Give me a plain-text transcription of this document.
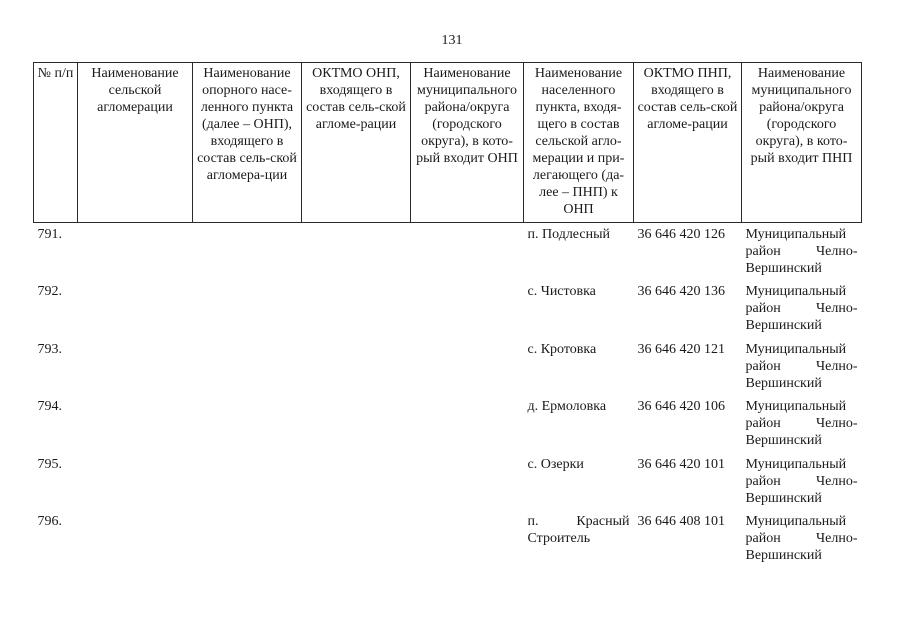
131
№ п/п	Наименование сельской агломерации	Наименование опорного насе-ленного пункта (далее – ОНП), входящего в состав сель-ской агломера-ции	ОКТМО ОНП, входящего в состав сель-ской агломе-рации	Наименование муниципального района/округа (городского округа), в кото-рый входит ОНП	Наименование населенного пункта, входя-щего в состав сельской агло-мерации и при-легающего (да-лее – ПНП) к ОНП	ОКТМО ПНП, входящего в состав сель-ской агломе-рации	Наименование муниципального района/округа (городского округа), в кото-рый входит ПНП
791.					п. Подлесный	36 646 420 126	Муниципальный
район Челно-
Вершинский

792.					с. Чистовка	36 646 420 136	Муниципальный
район Челно-
Вершинский

793.					с. Кротовка	36 646 420 121	Муниципальный
район Челно-
Вершинский

794.					д. Ермоловка	36 646 420 106	Муниципальный
район Челно-
Вершинский

795.					с. Озерки	36 646 420 101	Муниципальный
район Челно-
Вершинский

796.					п. Красный Строитель	36 646 408 101	Муниципальный
район Челно-
Вершинский
